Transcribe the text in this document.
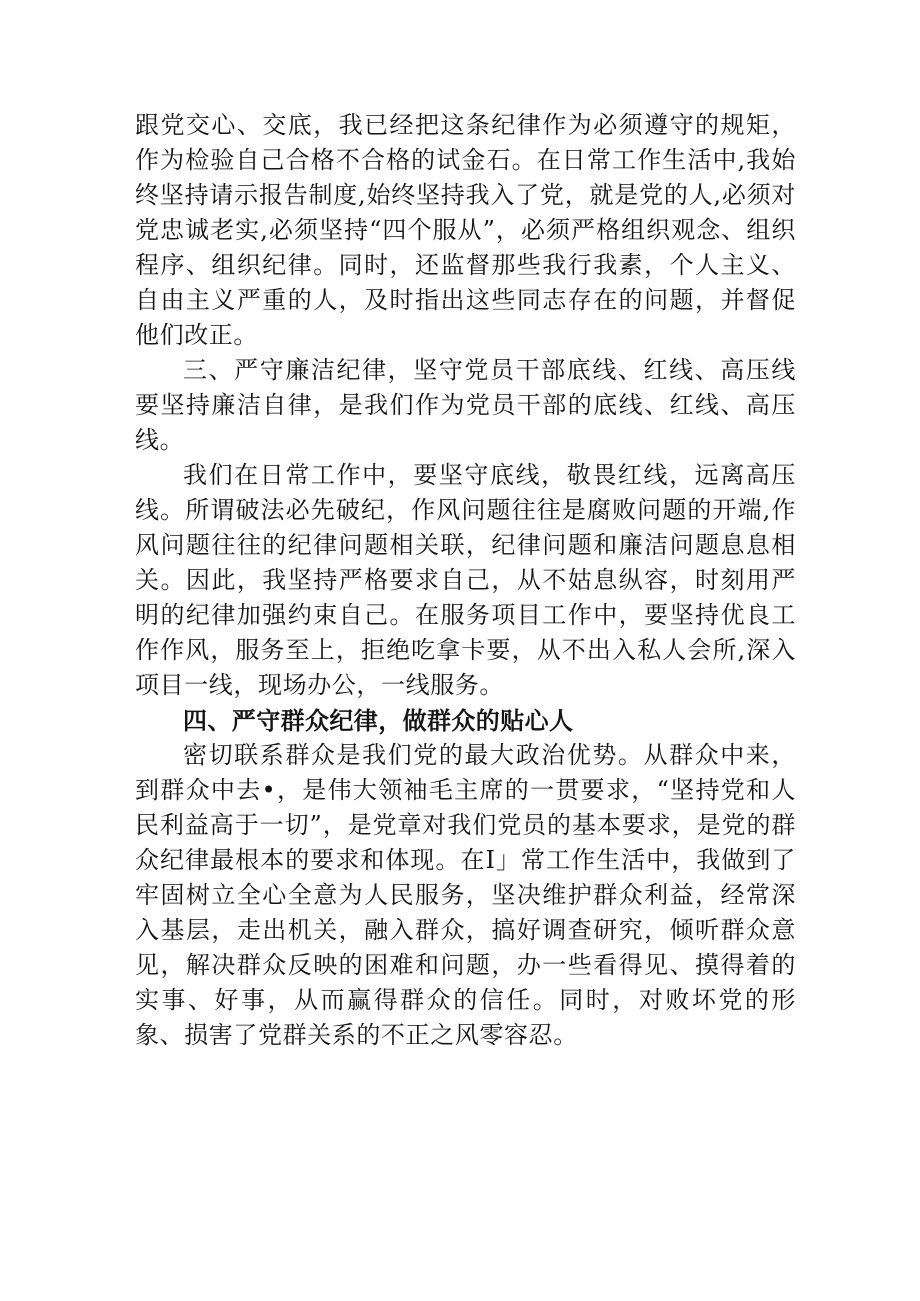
跟党交心、交底，我已经把这条纪律作为必须遵守的规矩，作为检验自己合格不合格的试金石。在日常工作生活中,我始终坚持请示报告制度,始终坚持我入了党，就是党的人,必须对党忠诚老实,必须坚持“四个服从”，必须严格组织观念、组织程序、组织纪律。同时，还监督那些我行我素，个人主义、自由主义严重的人，及时指出这些同志存在的问题，并督促他们改正。

三、严守廉洁纪律，坚守党员干部底线、红线、高压线要坚持廉洁自律，是我们作为党员干部的底线、红线、高压线。

我们在日常工作中，要坚守底线，敬畏红线，远离高压线。所谓破法必先破纪，作风问题往往是腐败问题的开端,作风问题往往的纪律问题相关联，纪律问题和廉洁问题息息相关。因此，我坚持严格要求自己，从不姑息纵容，时刻用严明的纪律加强约束自己。在服务项目工作中，要坚持优良工作作风，服务至上，拒绝吃拿卡要，从不出入私人会所,深入项目一线，现场办公，一线服务。

四、严守群众纪律，做群众的贴心人

密切联系群众是我们党的最大政治优势。从群众中来，到群众中去•，是伟大领袖毛主席的一贯要求，“坚持党和人民利益高于一切”，是党章对我们党员的基本要求，是党的群众纪律最根本的要求和体现。在I」常工作生活中，我做到了牢固树立全心全意为人民服务，坚决维护群众利益，经常深入基层，走出机关，融入群众，搞好调查研究，倾听群众意见，解决群众反映的困难和问题，办一些看得见、摸得着的实事、好事，从而赢得群众的信任。同时，对败坏党的形象、损害了党群关系的不正之风零容忍。
